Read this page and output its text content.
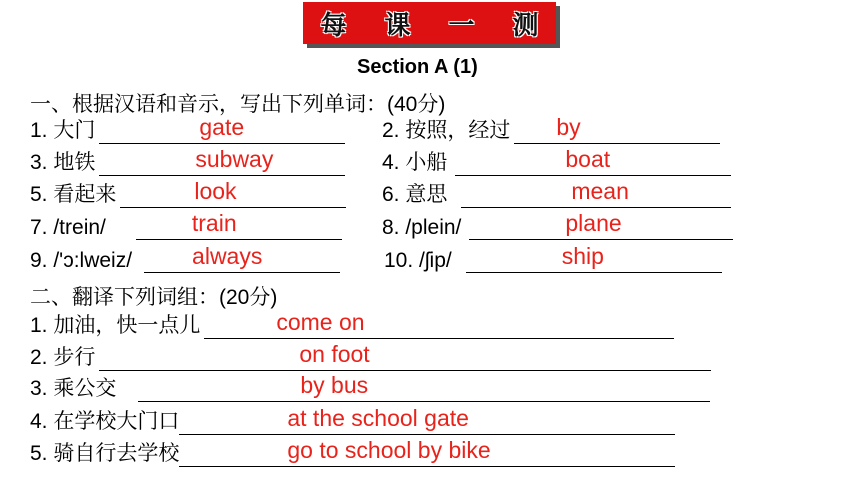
每课一测
Section A (1)
一、根据汉语和音示，写出下列单词：(40分)
1. 大门	gate
3. 地铁	subway
5. 看起来	look
7. /trein/	train
9. /'ɔ:lweiz/	always
2. 按照，经过 by
4. 小船	boat
6. 意思	mean
8. /plein/	plane
10. /ʃip/	ship
二、翻译下列词组：(20分)
1. 加油，快一点儿	come on
2. 步行	on foot
3. 乘公交	by bus
4. 在学校大门口	at the school gate
5. 骑自行去学校	go to school by bike
